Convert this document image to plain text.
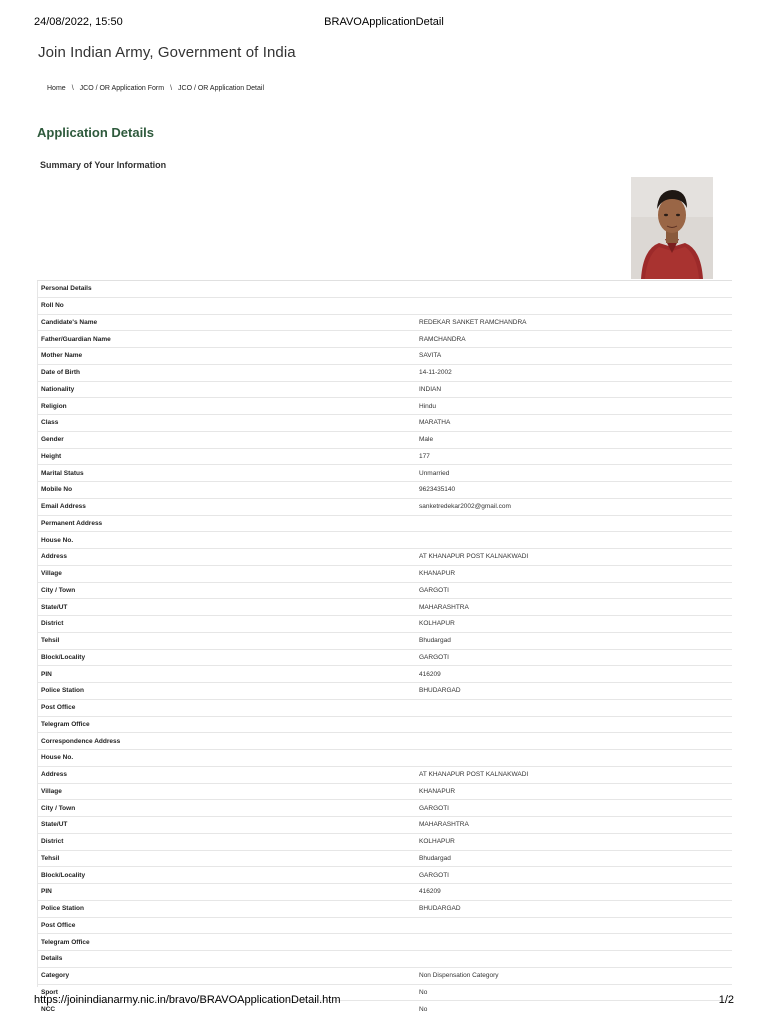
24/08/2022, 15:50	BRAVOApplicationDetail
Join Indian Army, Government of India
Home \ JCO / OR Application Form \ JCO / OR Application Detail
Application Details
Summary of Your Information
Personal Details	
Roll No	
Candidate's Name	REDEKAR SANKET RAMCHANDRA
Father/Guardian Name	RAMCHANDRA
Mother Name	SAVITA
Date of Birth	14-11-2002
Nationality	INDIAN
Religion	Hindu
Class	MARATHA
Gender	Male
Height	177
Marital Status	Unmarried
Mobile No	9623435140
Email Address	sanketredekar2002@gmail.com
Permanent Address	
House No.	
Address	AT KHANAPUR POST KALNAKWADI
Village	KHANAPUR
City / Town	GARGOTI
State/UT	MAHARASHTRA
District	KOLHAPUR
Tehsil	Bhudargad
Block/Locality	GARGOTI
PIN	416209
Police Station	BHUDARGAD
Post Office	
Telegram Office	
Correspondence Address	
House No.	
Address	AT KHANAPUR POST KALNAKWADI
Village	KHANAPUR
City / Town	GARGOTI
State/UT	MAHARASHTRA
District	KOLHAPUR
Tehsil	Bhudargad
Block/Locality	GARGOTI
PIN	416209
Police Station	BHUDARGAD
Post Office	
Telegram Office	
Details	
Category	Non Dispensation Category
Sport	No
NCC	No
https://joinindianarmy.nic.in/bravo/BRAVOApplicationDetail.htm	1/2
